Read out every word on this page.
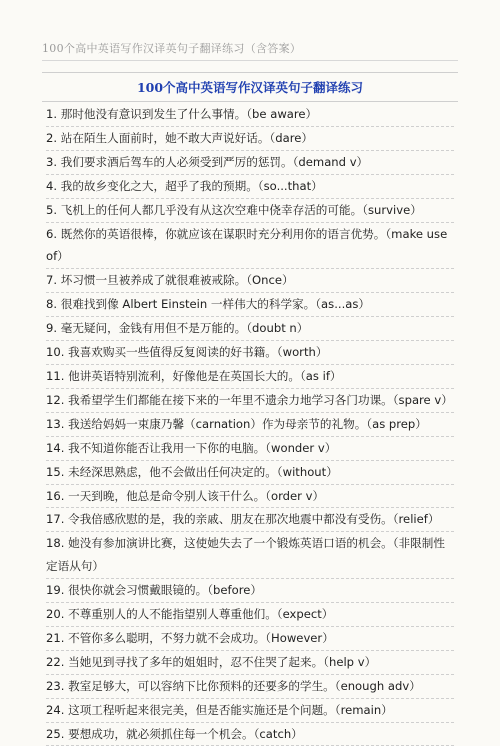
100个高中英语写作汉译英句子翻译练习（含答案）
100个高中英语写作汉译英句子翻译练习
1. 那时他没有意识到发生了什么事情。（be aware）
2. 站在陌生人面前时，她不敢大声说好话。（dare）
3. 我们要求酒后驾车的人必须受到严厉的惩罚。（demand v）
4. 我的故乡变化之大，超乎了我的预期。（so...that）
5. 飞机上的任何人都几乎没有从这次空难中侥幸存活的可能。（survive）
6. 既然你的英语很棒，你就应该在谋职时充分利用你的语言优势。（make use of）
7. 坏习惯一旦被养成了就很难被戒除。（Once）
8. 很难找到像 Albert Einstein 一样伟大的科学家。（as...as）
9. 毫无疑问，金钱有用但不是万能的。（doubt n）
10. 我喜欢购买一些值得反复阅读的好书籍。（worth）
11. 他讲英语特别流利，好像他是在英国长大的。（as if）
12. 我希望学生们都能在接下来的一年里不遗余力地学习各门功课。（spare v）
13. 我送给妈妈一束康乃馨（carnation）作为母亲节的礼物。（as prep）
14. 我不知道你能否让我用一下你的电脑。（wonder v）
15. 未经深思熟虑，他不会做出任何决定的。（without）
16. 一天到晚，他总是命令别人该干什么。（order v）
17. 令我倍感欣慰的是，我的亲戚、朋友在那次地震中都没有受伤。（relief）
18. 她没有参加演讲比赛，这使她失去了一个锻炼英语口语的机会。（非限制性定语从句）
19. 很快你就会习惯戴眼镜的。（before）
20. 不尊重别人的人不能指望别人尊重他们。（expect）
21. 不管你多么聪明，不努力就不会成功。（However）
22. 当她见到寻找了多年的姐姐时，忍不住哭了起来。（help v）
23. 教室足够大，可以容纳下比你预料的还要多的学生。（enough adv）
24. 这项工程听起来很完美，但是否能实施还是个问题。（remain）
25. 要想成功，就必须抓住每一个机会。（catch）
